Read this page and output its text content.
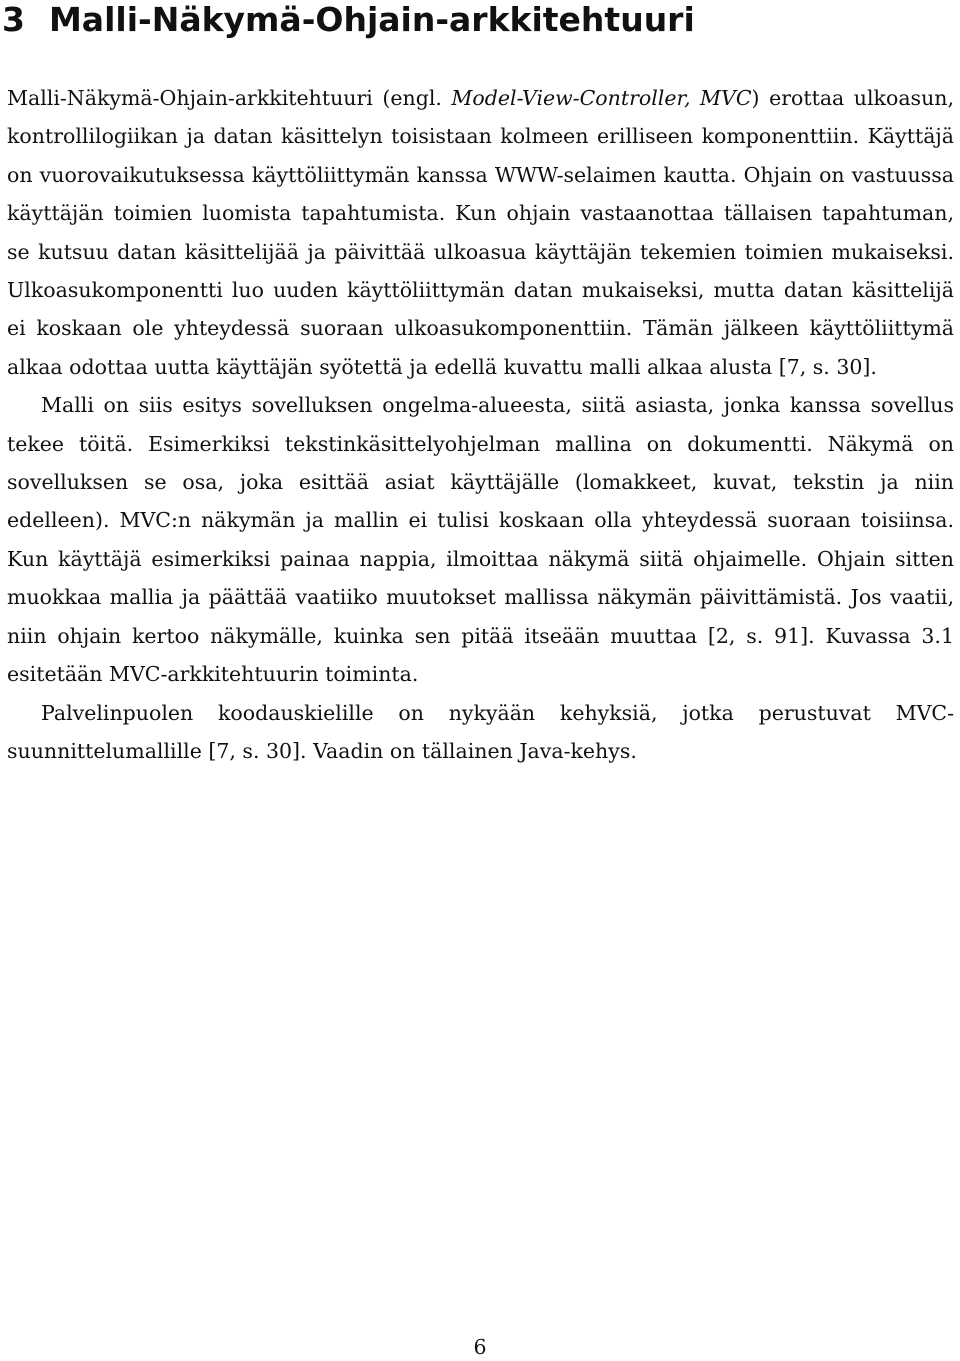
3 Malli-Näkymä-Ohjain-arkkitehtuuri

Malli-Näkymä-Ohjain-arkkitehtuuri (engl. Model-View-Controller, MVC) erottaa ulkoasun, kontrollilogiikan ja datan käsittelyn toisistaan kolmeen erilliseen komponenttiin. Käyttäjä on vuorovaikutuksessa käyttöliittymän kanssa WWW-selaimen kautta. Ohjain on vastuussa käyttäjän toimien luomista tapahtumista. Kun ohjain vastaanottaa tällaisen tapahtuman, se kutsuu datan käsittelijää ja päivittää ulkoasua käyttäjän tekemien toimien mukaiseksi. Ulkoasukomponentti luo uuden käyttöliittymän datan mukaiseksi, mutta datan käsittelijä ei koskaan ole yhteydessä suoraan ulkoasukomponenttiin. Tämän jälkeen käyttöliittymä alkaa odottaa uutta käyttäjän syötettä ja edellä kuvattu malli alkaa alusta [7, s. 30].

Malli on siis esitys sovelluksen ongelma-alueesta, siitä asiasta, jonka kanssa sovellus tekee töitä. Esimerkiksi tekstinkäsittelyohjelman mallina on dokumentti. Näkymä on sovelluksen se osa, joka esittää asiat käyttäjälle (lomakkeet, kuvat, tekstin ja niin edelleen). MVC:n näkymän ja mallin ei tulisi koskaan olla yhteydessä suoraan toisiinsa. Kun käyttäjä esimerkiksi painaa nappia, ilmoittaa näkymä siitä ohjaimelle. Ohjain sitten muokkaa mallia ja päättää vaatiiko muutokset mallissa näkymän päivittämistä. Jos vaatii, niin ohjain kertoo näkymälle, kuinka sen pitää itseään muuttaa [2, s. 91]. Kuvassa 3.1 esitetään MVC-arkkitehtuurin toiminta.

Palvelinpuolen koodauskielille on nykyään kehyksiä, jotka perustuvat MVC-suunnittelumallille [7, s. 30]. Vaadin on tällainen Java-kehys.

6
